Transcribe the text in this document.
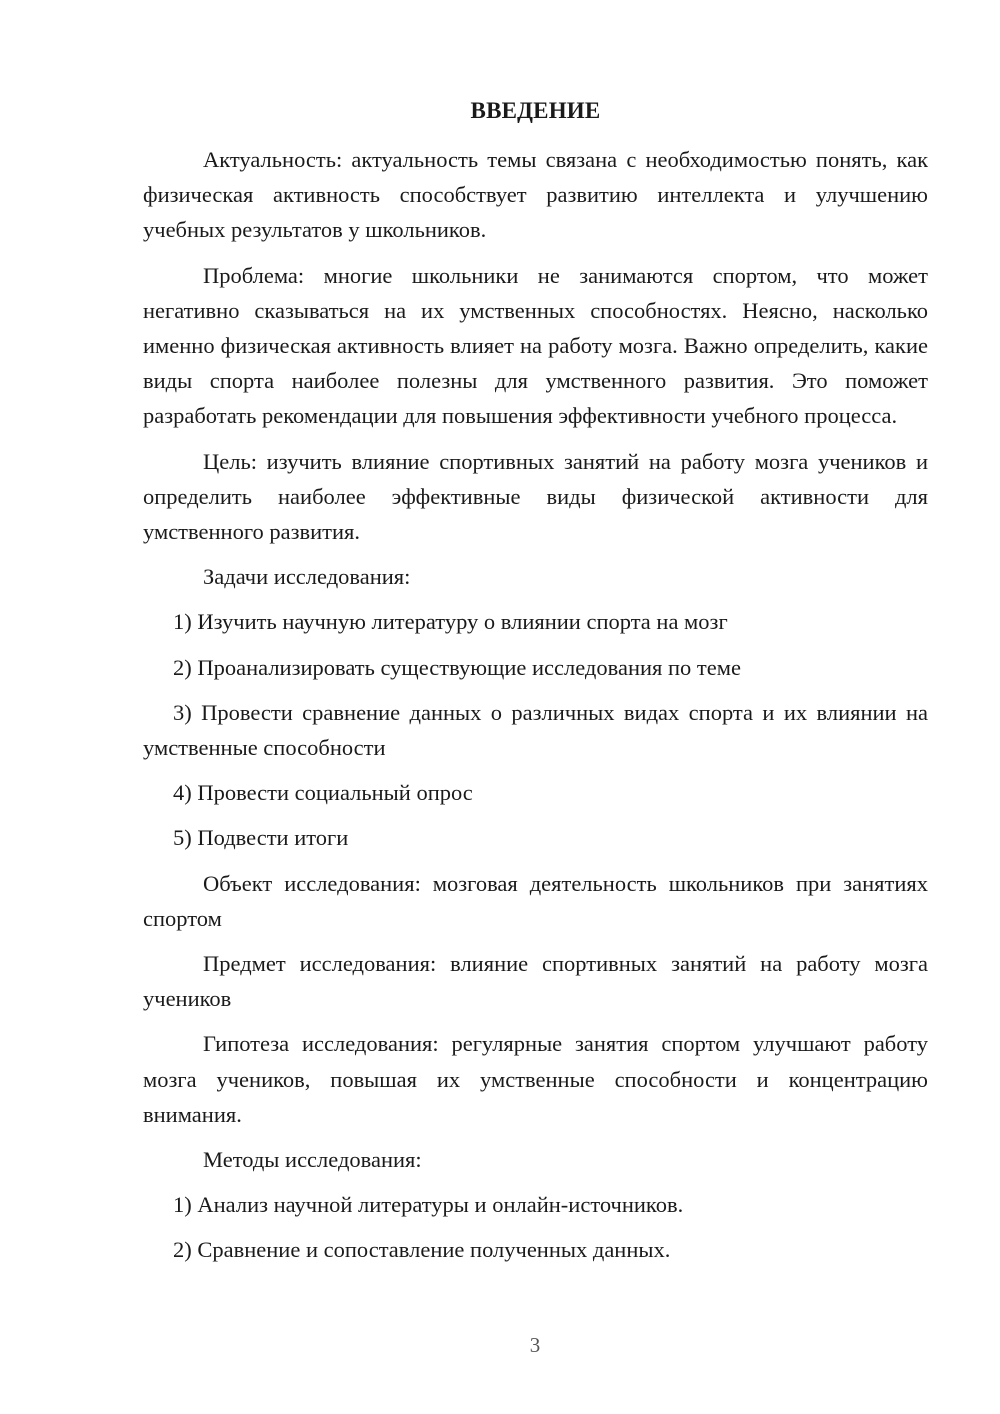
ВВЕДЕНИЕ

Актуальность: актуальность темы связана с необходимостью понять, как физическая активность способствует развитию интеллекта и улучшению учебных результатов у школьников.

Проблема: многие школьники не занимаются спортом, что может негативно сказываться на их умственных способностях. Неясно, насколько именно физическая активность влияет на работу мозга. Важно определить, какие виды спорта наиболее полезны для умственного развития. Это поможет разработать рекомендации для повышения эффективности учебного процесса.

Цель: изучить влияние спортивных занятий на работу мозга учеников и определить наиболее эффективные виды физической активности для умственного развития.

Задачи исследования:

1) Изучить научную литературу о влиянии спорта на мозг

2) Проанализировать существующие исследования по теме

3) Провести сравнение данных о различных видах спорта и их влиянии на умственные способности

4) Провести социальный опрос

5) Подвести итоги

Объект исследования: мозговая деятельность школьников при занятиях спортом

Предмет исследования: влияние спортивных занятий на работу мозга учеников

Гипотеза исследования: регулярные занятия спортом улучшают работу мозга учеников, повышая их умственные способности и концентрацию внимания.

Методы исследования:

1) Анализ научной литературы и онлайн-источников.

2) Сравнение и сопоставление полученных данных.

3
